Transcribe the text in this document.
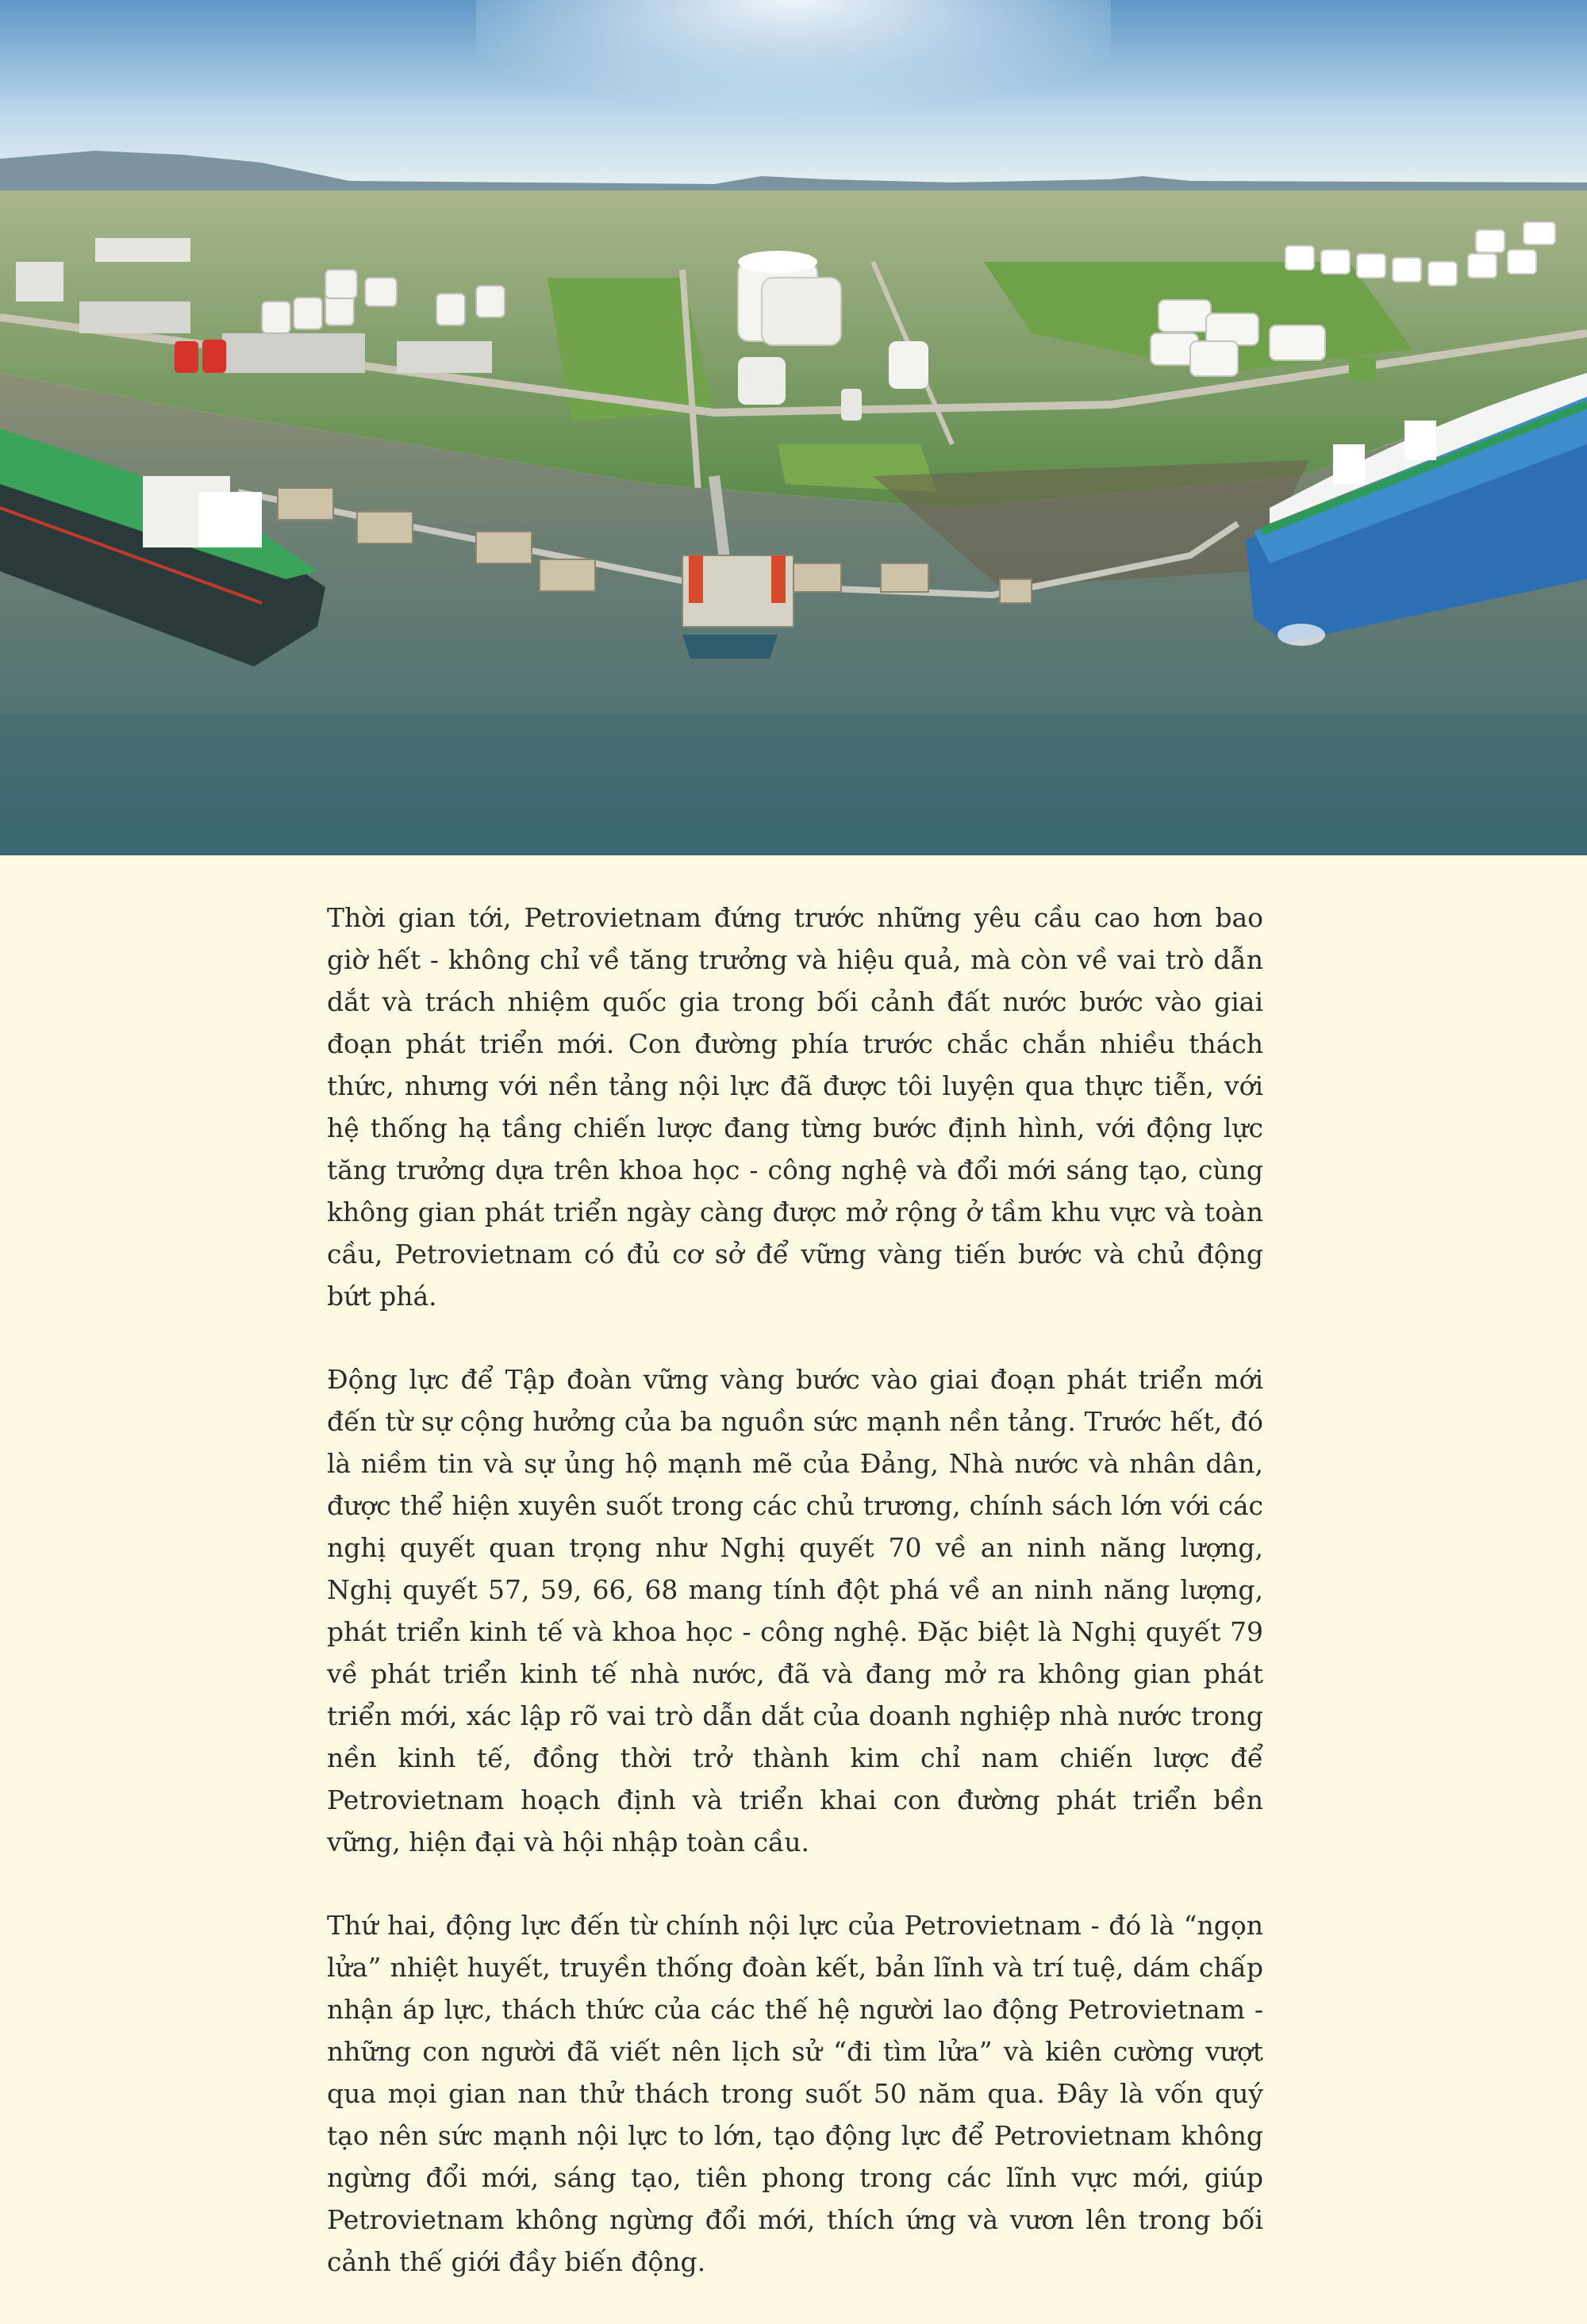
Thời gian tới, Petrovietnam đứng trước những yêu cầu cao hơn bao giờ hết - không chỉ về tăng trưởng và hiệu quả, mà còn về vai trò dẫn dắt và trách nhiệm quốc gia trong bối cảnh đất nước bước vào giai đoạn phát triển mới. Con đường phía trước chắc chắn nhiều thách thức, nhưng với nền tảng nội lực đã được tôi luyện qua thực tiễn, với hệ thống hạ tầng chiến lược đang từng bước định hình, với động lực tăng trưởng dựa trên khoa học - công nghệ và đổi mới sáng tạo, cùng không gian phát triển ngày càng được mở rộng ở tầm khu vực và toàn cầu, Petrovietnam có đủ cơ sở để vững vàng tiến bước và chủ động bứt phá.

Động lực để Tập đoàn vững vàng bước vào giai đoạn phát triển mới đến từ sự cộng hưởng của ba nguồn sức mạnh nền tảng. Trước hết, đó là niềm tin và sự ủng hộ mạnh mẽ của Đảng, Nhà nước và nhân dân, được thể hiện xuyên suốt trong các chủ trương, chính sách lớn với các nghị quyết quan trọng như Nghị quyết 70 về an ninh năng lượng, Nghị quyết 57, 59, 66, 68 mang tính đột phá về an ninh năng lượng, phát triển kinh tế và khoa học - công nghệ. Đặc biệt là Nghị quyết 79 về phát triển kinh tế nhà nước, đã và đang mở ra không gian phát triển mới, xác lập rõ vai trò dẫn dắt của doanh nghiệp nhà nước trong nền kinh tế, đồng thời trở thành kim chỉ nam chiến lược để Petrovietnam hoạch định và triển khai con đường phát triển bền vững, hiện đại và hội nhập toàn cầu.

Thứ hai, động lực đến từ chính nội lực của Petrovietnam - đó là “ngọn lửa” nhiệt huyết, truyền thống đoàn kết, bản lĩnh và trí tuệ, dám chấp nhận áp lực, thách thức của các thế hệ người lao động Petrovietnam - những con người đã viết nên lịch sử “đi tìm lửa” và kiên cường vượt qua mọi gian nan thử thách trong suốt 50 năm qua. Đây là vốn quý tạo nên sức mạnh nội lực to lớn, tạo động lực để Petrovietnam không ngừng đổi mới, sáng tạo, tiên phong trong các lĩnh vực mới, giúp Petrovietnam không ngừng đổi mới, thích ứng và vươn lên trong bối cảnh thế giới đầy biến động.
